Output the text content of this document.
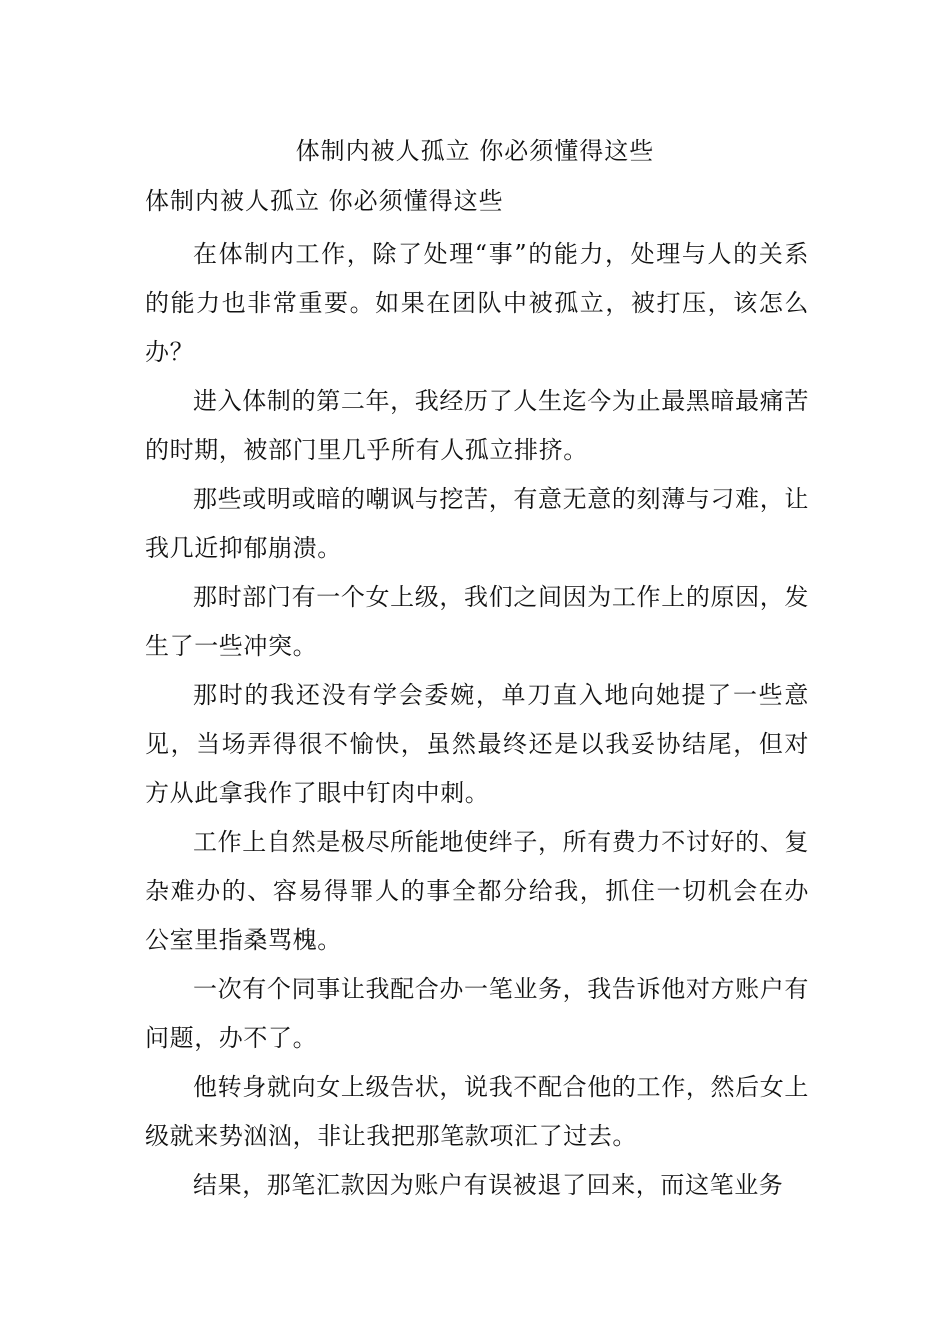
体制内被人孤立 你必须懂得这些
体制内被人孤立 你必须懂得这些

在体制内工作，除了处理“事”的能力，处理与人的关系的能力也非常重要。如果在团队中被孤立，被打压，该怎么办？

进入体制的第二年，我经历了人生迄今为止最黑暗最痛苦的时期，被部门里几乎所有人孤立排挤。

那些或明或暗的嘲讽与挖苦，有意无意的刻薄与刁难，让我几近抑郁崩溃。

那时部门有一个女上级，我们之间因为工作上的原因，发生了一些冲突。

那时的我还没有学会委婉，单刀直入地向她提了一些意见，当场弄得很不愉快，虽然最终还是以我妥协结尾，但对方从此拿我作了眼中钉肉中刺。

工作上自然是极尽所能地使绊子，所有费力不讨好的、复杂难办的、容易得罪人的事全都分给我，抓住一切机会在办公室里指桑骂槐。

一次有个同事让我配合办一笔业务，我告诉他对方账户有问题，办不了。

他转身就向女上级告状，说我不配合他的工作，然后女上级就来势汹汹，非让我把那笔款项汇了过去。

结果，那笔汇款因为账户有误被退了回来，而这笔业务
